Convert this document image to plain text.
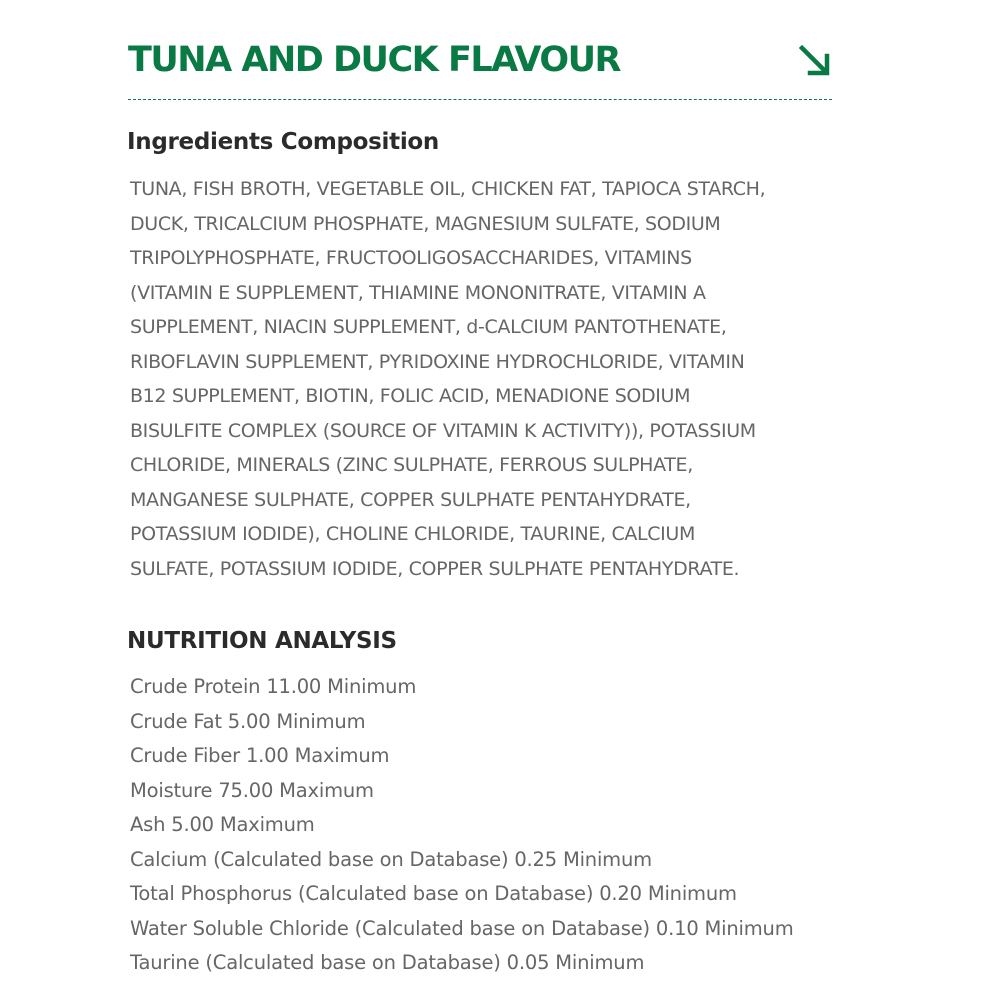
TUNA AND DUCK FLAVOUR
Ingredients Composition

TUNA, FISH BROTH, VEGETABLE OIL, CHICKEN FAT, TAPIOCA STARCH,
DUCK, TRICALCIUM PHOSPHATE, MAGNESIUM SULFATE, SODIUM
TRIPOLYPHOSPHATE, FRUCTOOLIGOSACCHARIDES, VITAMINS
(VITAMIN E SUPPLEMENT, THIAMINE MONONITRATE, VITAMIN A
SUPPLEMENT, NIACIN SUPPLEMENT, d-CALCIUM PANTOTHENATE,
RIBOFLAVIN SUPPLEMENT, PYRIDOXINE HYDROCHLORIDE, VITAMIN
B12 SUPPLEMENT, BIOTIN, FOLIC ACID, MENADIONE SODIUM
BISULFITE COMPLEX (SOURCE OF VITAMIN K ACTIVITY)), POTASSIUM
CHLORIDE, MINERALS (ZINC SULPHATE, FERROUS SULPHATE,
MANGANESE SULPHATE, COPPER SULPHATE PENTAHYDRATE,
POTASSIUM IODIDE), CHOLINE CHLORIDE, TAURINE, CALCIUM
SULFATE, POTASSIUM IODIDE, COPPER SULPHATE PENTAHYDRATE.

NUTRITION ANALYSIS
Crude Protein 11.00 Minimum
Crude Fat 5.00 Minimum
Crude Fiber 1.00 Maximum
Moisture 75.00 Maximum
Ash 5.00 Maximum
Calcium (Calculated base on Database) 0.25 Minimum
Total Phosphorus (Calculated base on Database) 0.20 Minimum
Water Soluble Chloride (Calculated base on Database) 0.10 Minimum
Taurine (Calculated base on Database) 0.05 Minimum
